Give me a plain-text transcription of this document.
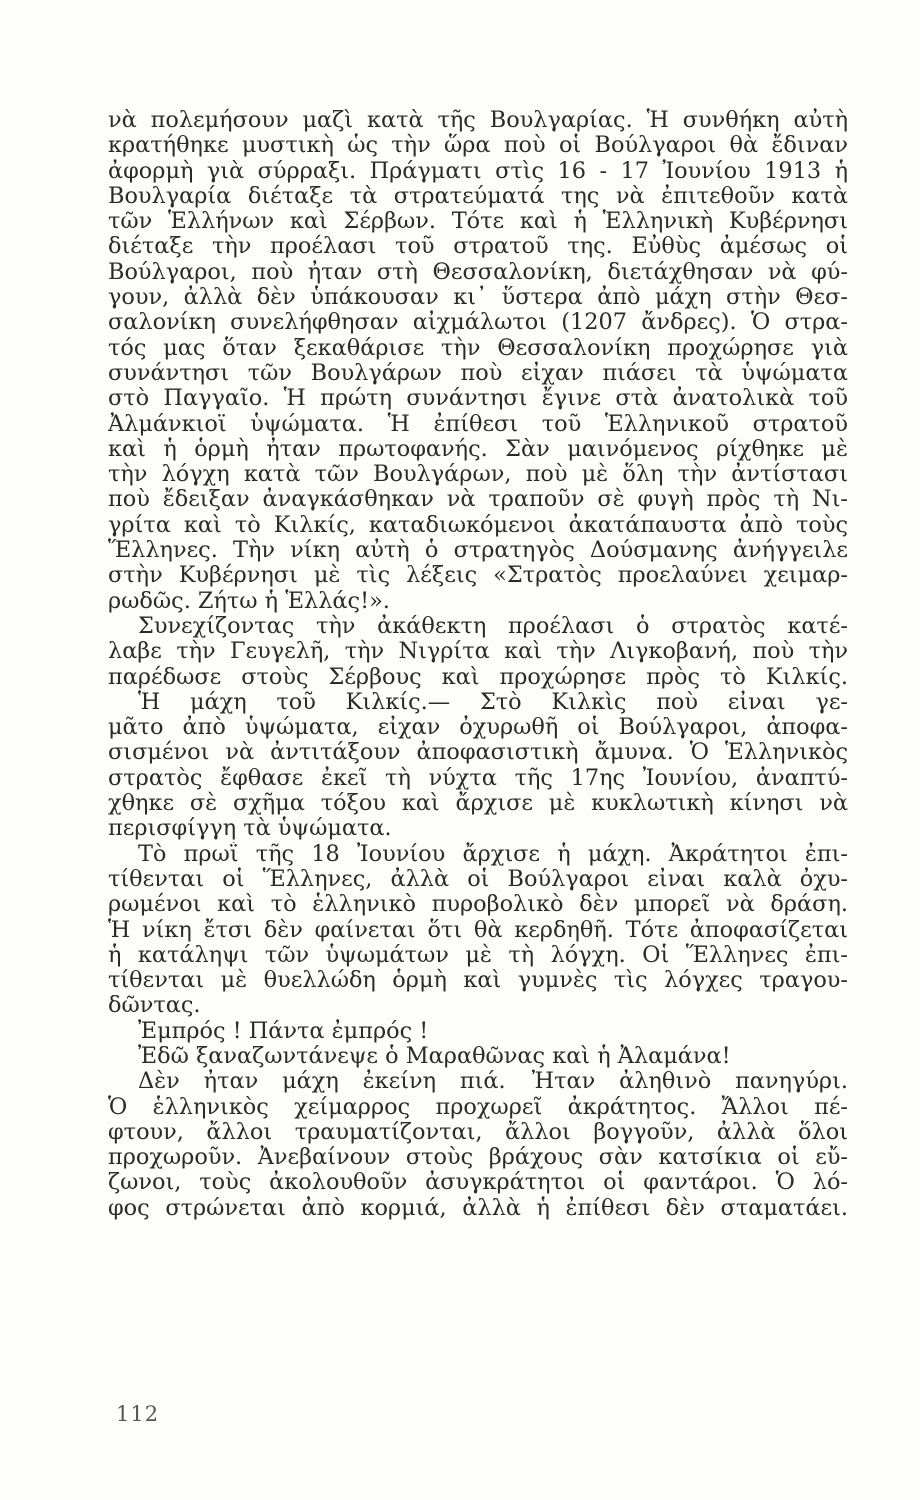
νὰ πολεμήσουν μαζὶ κατὰ τῆς Βουλγαρίας. Ἡ συνθήκη αὐτὴ
κρατήθηκε μυστικὴ ὡς τὴν ὥρα ποὺ οἱ Βούλγαροι θὰ ἔδιναν
ἀφορμὴ γιὰ σύρραξι. Πράγματι στὶς 16 - 17 Ἰουνίου 1913 ἡ
Βουλγαρία διέταξε τὰ στρατεύματά της νὰ ἐπιτεθοῦν κατὰ
τῶν Ἑλλήνων καὶ Σέρβων. Τότε καὶ ἡ Ἑλληνικὴ Κυβέρνησι
διέταξε τὴν προέλασι τοῦ στρατοῦ της. Εὐθὺς ἀμέσως οἱ
Βούλγαροι, ποὺ ἦταν στὴ Θεσσαλονίκη, διετάχθησαν νὰ φύ-
γουν, ἀλλὰ δὲν ὑπάκουσαν κι᾽ ὕστερα ἀπὸ μάχη στὴν Θεσ-
σαλονίκη συνελήφθησαν αἰχμάλωτοι (1207 ἄνδρες). Ὁ στρα-
τός μας ὅταν ξεκαθάρισε τὴν Θεσσαλονίκη προχώρησε γιὰ
συνάντησι τῶν Βουλγάρων ποὺ εἶχαν πιάσει τὰ ὑψώματα
στὸ Παγγαῖο. Ἡ πρώτη συνάντησι ἔγινε στὰ ἀνατολικὰ τοῦ
Ἀλμάνκιοϊ ὑψώματα. Ἡ ἐπίθεσι τοῦ Ἑλληνικοῦ στρατοῦ
καὶ ἡ ὁρμὴ ἦταν πρωτοφανής. Σὰν μαινόμενος ρίχθηκε μὲ
τὴν λόγχη κατὰ τῶν Βουλγάρων, ποὺ μὲ ὅλη τὴν ἀντίστασι
ποὺ ἔδειξαν ἀναγκάσθηκαν νὰ τραποῦν σὲ φυγὴ πρὸς τὴ Νι-
γρίτα καὶ τὸ Κιλκίς, καταδιωκόμενοι ἀκατάπαυστα ἀπὸ τοὺς
Ἕλληνες. Τὴν νίκη αὐτὴ ὁ στρατηγὸς Δούσμανης ἀνήγγειλε
στὴν Κυβέρνησι μὲ τὶς λέξεις «Στρατὸς προελαύνει χειμαρ-
ρωδῶς. Ζήτω ἡ Ἑλλάς!».
Συνεχίζοντας τὴν ἀκάθεκτη προέλασι ὁ στρατὸς κατέ-
λαβε τὴν Γευγελῆ, τὴν Νιγρίτα καὶ τὴν Λιγκοβανή, ποὺ τὴν
παρέδωσε στοὺς Σέρβους καὶ προχώρησε πρὸς τὸ Κιλκίς.
Ἡ μάχη τοῦ Κιλκίς.— Στὸ Κιλκὶς ποὺ εἶναι γε-
μᾶτο ἀπὸ ὑψώματα, εἶχαν ὀχυρωθῆ οἱ Βούλγαροι, ἀποφα-
σισμένοι νὰ ἀντιτάξουν ἀποφασιστικὴ ἄμυνα. Ὁ Ἑλληνικὸς
στρατὸς ἔφθασε ἐκεῖ τὴ νύχτα τῆς 17ης Ἰουνίου, ἀναπτύ-
χθηκε σὲ σχῆμα τόξου καὶ ἄρχισε μὲ κυκλωτικὴ κίνησι νὰ
περισφίγγη τὰ ὑψώματα.
Τὸ πρωῒ τῆς 18 Ἰουνίου ἄρχισε ἡ μάχη. Ἀκράτητοι ἐπι-
τίθενται οἱ Ἕλληνες, ἀλλὰ οἱ Βούλγαροι εἶναι καλὰ ὀχυ-
ρωμένοι καὶ τὸ ἑλληνικὸ πυροβολικὸ δὲν μπορεῖ νὰ δράση.
Ἡ νίκη ἔτσι δὲν φαίνεται ὅτι θὰ κερδηθῆ. Τότε ἀποφασίζεται
ἡ κατάληψι τῶν ὑψωμάτων μὲ τὴ λόγχη. Οἱ Ἕλληνες ἐπι-
τίθενται μὲ θυελλώδη ὁρμὴ καὶ γυμνὲς τὶς λόγχες τραγου-
δῶντας.
Ἐμπρός ! Πάντα ἐμπρός !
Ἐδῶ ξαναζωντάνεψε ὁ Μαραθῶνας καὶ ἡ Ἀλαμάνα!
Δὲν ἦταν μάχη ἐκείνη πιά. Ἦταν ἀληθινὸ πανηγύρι.
Ὁ ἑλληνικὸς χείμαρρος προχωρεῖ ἀκράτητος. Ἄλλοι πέ-
φτουν, ἄλλοι τραυματίζονται, ἄλλοι βογγοῦν, ἀλλὰ ὅλοι
προχωροῦν. Ἀνεβαίνουν στοὺς βράχους σὰν κατσίκια οἱ εὔ-
ζωνοι, τοὺς ἀκολουθοῦν ἀσυγκράτητοι οἱ φαντάροι. Ὁ λό-
φος στρώνεται ἀπὸ κορμιά, ἀλλὰ ἡ ἐπίθεσι δὲν σταματάει.
112
